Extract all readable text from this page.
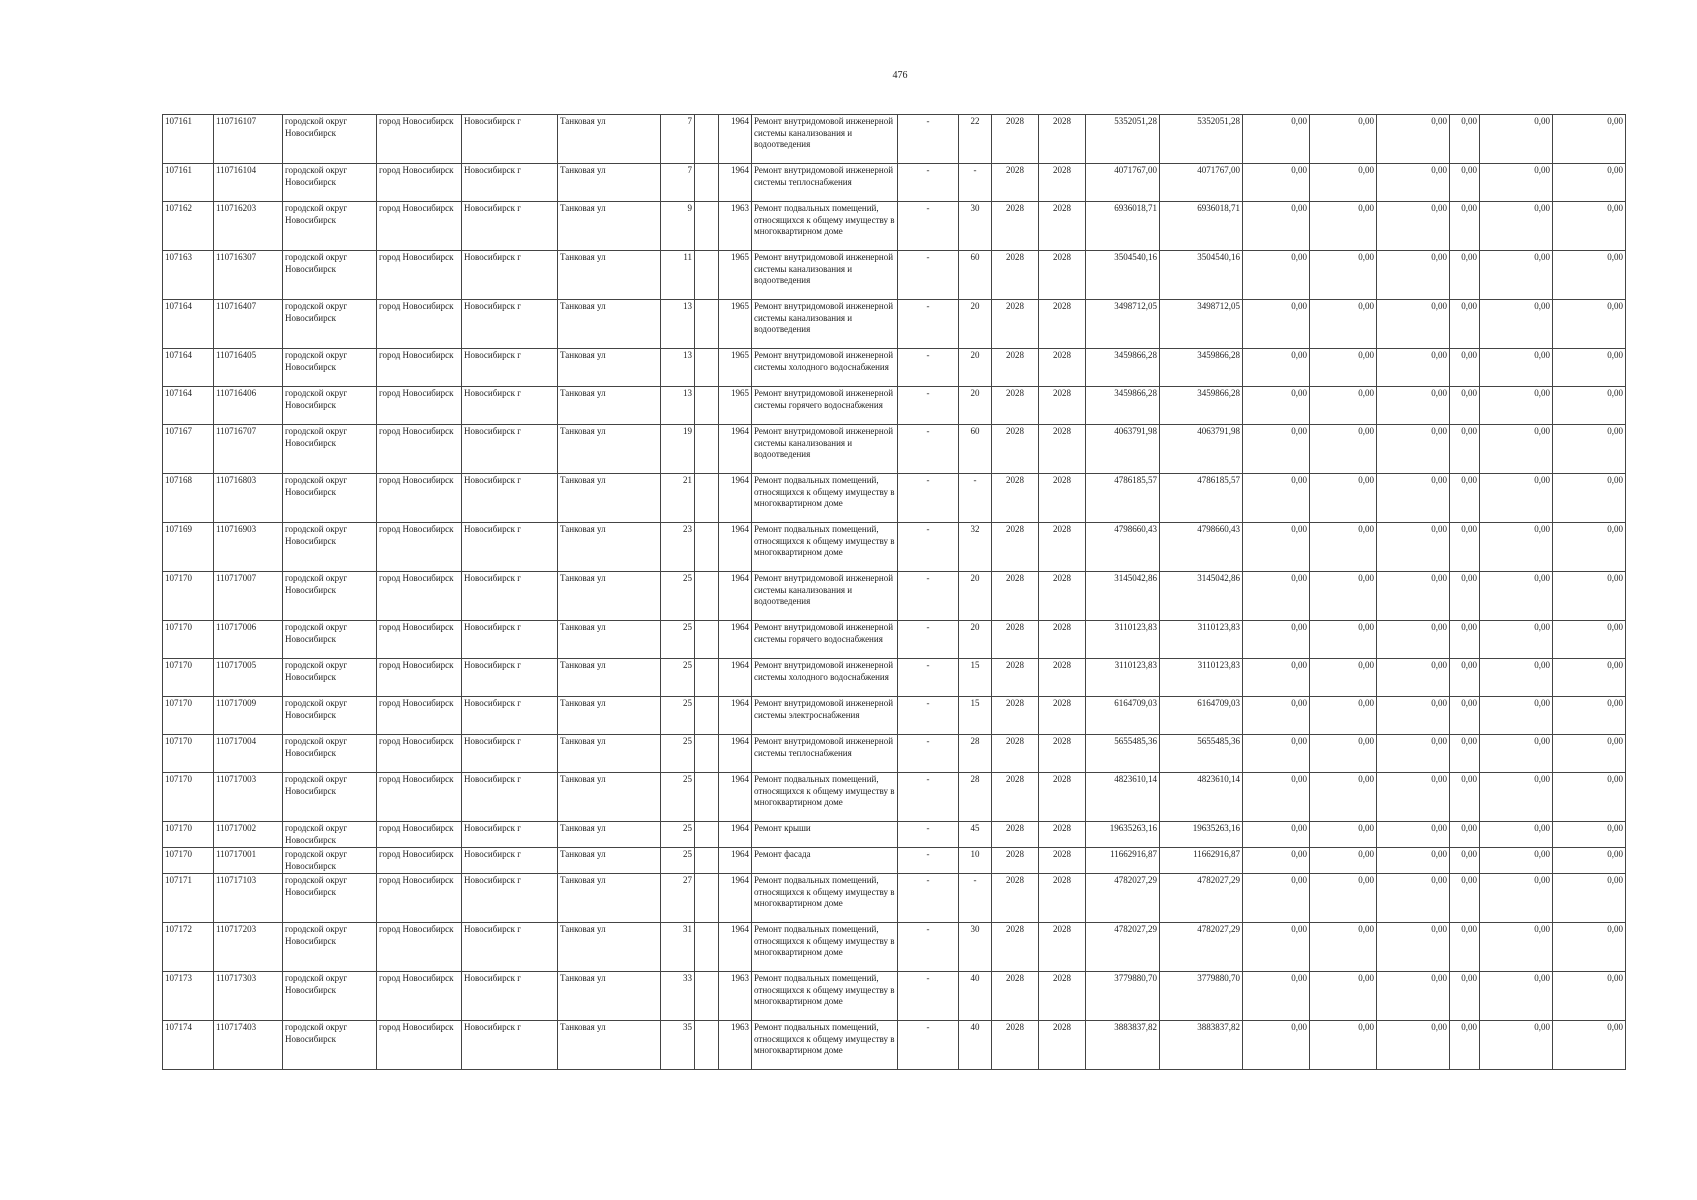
476
107161	110716107	городской округ Новосибирск	город Новосибирск	Новосибирск г	Танковая ул	7		1964	Ремонт внутридомовой инженерной системы канализования и водоотведения	-	22	2028	2028	5352051,28	5352051,28	0,00	0,00	0,00	0,00	0,00	0,00
107161	110716104	городской округ Новосибирск	город Новосибирск	Новосибирск г	Танковая ул	7		1964	Ремонт внутридомовой инженерной системы теплоснабжения	-	-	2028	2028	4071767,00	4071767,00	0,00	0,00	0,00	0,00	0,00	0,00
107162	110716203	городской округ Новосибирск	город Новосибирск	Новосибирск г	Танковая ул	9		1963	Ремонт подвальных помещений, относящихся к общему имуществу в многоквартирном доме	-	30	2028	2028	6936018,71	6936018,71	0,00	0,00	0,00	0,00	0,00	0,00
107163	110716307	городской округ Новосибирск	город Новосибирск	Новосибирск г	Танковая ул	11		1965	Ремонт внутридомовой инженерной системы канализования и водоотведения	-	60	2028	2028	3504540,16	3504540,16	0,00	0,00	0,00	0,00	0,00	0,00
107164	110716407	городской округ Новосибирск	город Новосибирск	Новосибирск г	Танковая ул	13		1965	Ремонт внутридомовой инженерной системы канализования и водоотведения	-	20	2028	2028	3498712,05	3498712,05	0,00	0,00	0,00	0,00	0,00	0,00
107164	110716405	городской округ Новосибирск	город Новосибирск	Новосибирск г	Танковая ул	13		1965	Ремонт внутридомовой инженерной системы холодного водоснабжения	-	20	2028	2028	3459866,28	3459866,28	0,00	0,00	0,00	0,00	0,00	0,00
107164	110716406	городской округ Новосибирск	город Новосибирск	Новосибирск г	Танковая ул	13		1965	Ремонт внутридомовой инженерной системы горячего водоснабжения	-	20	2028	2028	3459866,28	3459866,28	0,00	0,00	0,00	0,00	0,00	0,00
107167	110716707	городской округ Новосибирск	город Новосибирск	Новосибирск г	Танковая ул	19		1964	Ремонт внутридомовой инженерной системы канализования и водоотведения	-	60	2028	2028	4063791,98	4063791,98	0,00	0,00	0,00	0,00	0,00	0,00
107168	110716803	городской округ Новосибирск	город Новосибирск	Новосибирск г	Танковая ул	21		1964	Ремонт подвальных помещений, относящихся к общему имуществу в многоквартирном доме	-	-	2028	2028	4786185,57	4786185,57	0,00	0,00	0,00	0,00	0,00	0,00
107169	110716903	городской округ Новосибирск	город Новосибирск	Новосибирск г	Танковая ул	23		1964	Ремонт подвальных помещений, относящихся к общему имуществу в многоквартирном доме	-	32	2028	2028	4798660,43	4798660,43	0,00	0,00	0,00	0,00	0,00	0,00
107170	110717007	городской округ Новосибирск	город Новосибирск	Новосибирск г	Танковая ул	25		1964	Ремонт внутридомовой инженерной системы канализования и водоотведения	-	20	2028	2028	3145042,86	3145042,86	0,00	0,00	0,00	0,00	0,00	0,00
107170	110717006	городской округ Новосибирск	город Новосибирск	Новосибирск г	Танковая ул	25		1964	Ремонт внутридомовой инженерной системы горячего водоснабжения	-	20	2028	2028	3110123,83	3110123,83	0,00	0,00	0,00	0,00	0,00	0,00
107170	110717005	городской округ Новосибирск	город Новосибирск	Новосибирск г	Танковая ул	25		1964	Ремонт внутридомовой инженерной системы холодного водоснабжения	-	15	2028	2028	3110123,83	3110123,83	0,00	0,00	0,00	0,00	0,00	0,00
107170	110717009	городской округ Новосибирск	город Новосибирск	Новосибирск г	Танковая ул	25		1964	Ремонт внутридомовой инженерной системы электроснабжения	-	15	2028	2028	6164709,03	6164709,03	0,00	0,00	0,00	0,00	0,00	0,00
107170	110717004	городской округ Новосибирск	город Новосибирск	Новосибирск г	Танковая ул	25		1964	Ремонт внутридомовой инженерной системы теплоснабжения	-	28	2028	2028	5655485,36	5655485,36	0,00	0,00	0,00	0,00	0,00	0,00
107170	110717003	городской округ Новосибирск	город Новосибирск	Новосибирск г	Танковая ул	25		1964	Ремонт подвальных помещений, относящихся к общему имуществу в многоквартирном доме	-	28	2028	2028	4823610,14	4823610,14	0,00	0,00	0,00	0,00	0,00	0,00
107170	110717002	городской округ Новосибирск	город Новосибирск	Новосибирск г	Танковая ул	25		1964	Ремонт крыши	-	45	2028	2028	19635263,16	19635263,16	0,00	0,00	0,00	0,00	0,00	0,00
107170	110717001	городской округ Новосибирск	город Новосибирск	Новосибирск г	Танковая ул	25		1964	Ремонт фасада	-	10	2028	2028	11662916,87	11662916,87	0,00	0,00	0,00	0,00	0,00	0,00
107171	110717103	городской округ Новосибирск	город Новосибирск	Новосибирск г	Танковая ул	27		1964	Ремонт подвальных помещений, относящихся к общему имуществу в многоквартирном доме	-	-	2028	2028	4782027,29	4782027,29	0,00	0,00	0,00	0,00	0,00	0,00
107172	110717203	городской округ Новосибирск	город Новосибирск	Новосибирск г	Танковая ул	31		1964	Ремонт подвальных помещений, относящихся к общему имуществу в многоквартирном доме	-	30	2028	2028	4782027,29	4782027,29	0,00	0,00	0,00	0,00	0,00	0,00
107173	110717303	городской округ Новосибирск	город Новосибирск	Новосибирск г	Танковая ул	33		1963	Ремонт подвальных помещений, относящихся к общему имуществу в многоквартирном доме	-	40	2028	2028	3779880,70	3779880,70	0,00	0,00	0,00	0,00	0,00	0,00
107174	110717403	городской округ Новосибирск	город Новосибирск	Новосибирск г	Танковая ул	35		1963	Ремонт подвальных помещений, относящихся к общему имуществу в многоквартирном доме	-	40	2028	2028	3883837,82	3883837,82	0,00	0,00	0,00	0,00	0,00	0,00
